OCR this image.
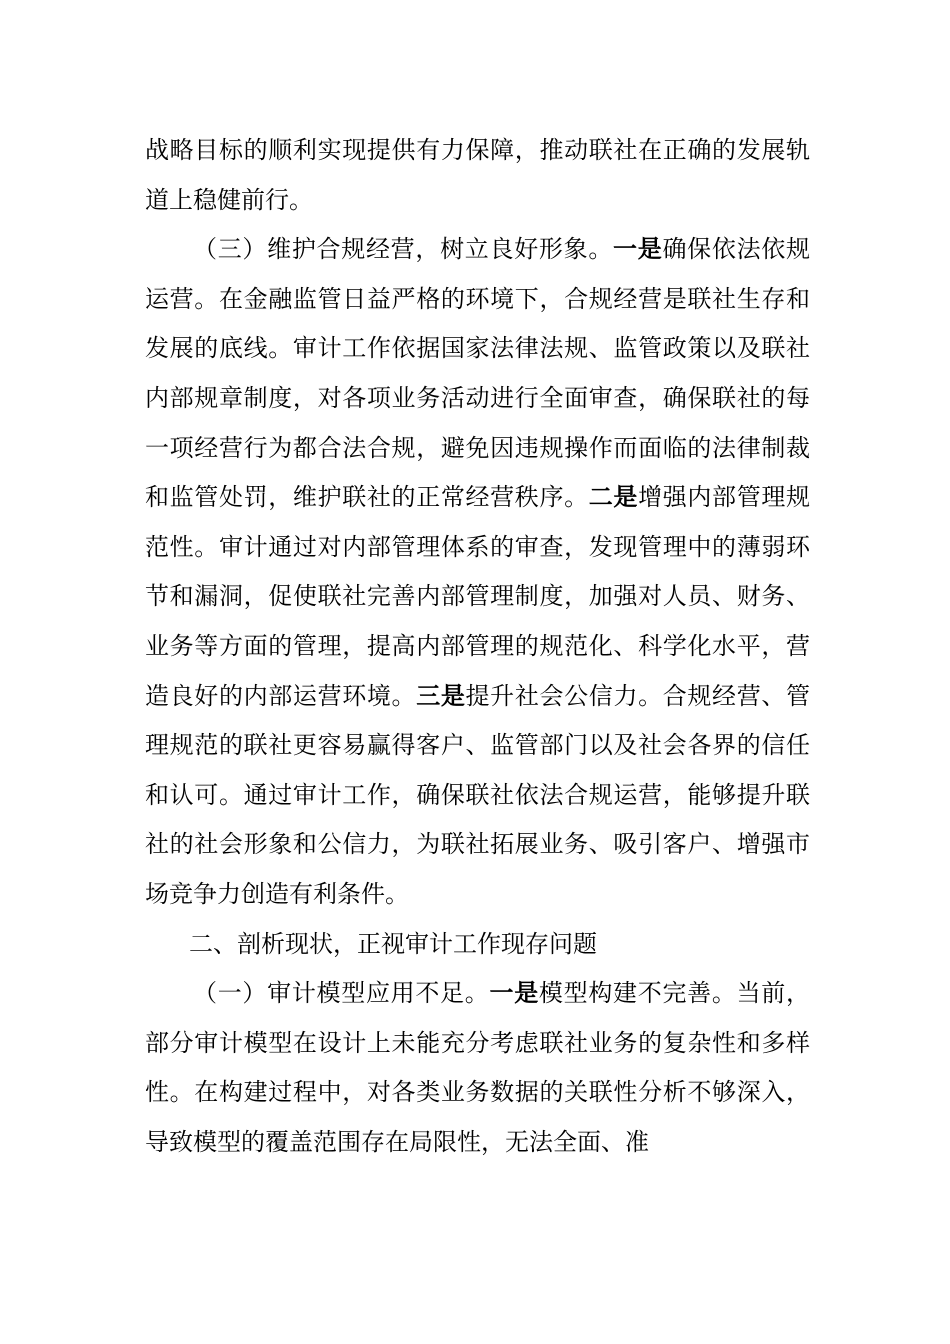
战略目标的顺利实现提供有力保障，推动联社在正确的发展轨道上稳健前行。

（三）维护合规经营，树立良好形象。一是确保依法依规运营。在金融监管日益严格的环境下，合规经营是联社生存和发展的底线。审计工作依据国家法律法规、监管政策以及联社内部规章制度，对各项业务活动进行全面审查，确保联社的每一项经营行为都合法合规，避免因违规操作而面临的法律制裁和监管处罚，维护联社的正常经营秩序。二是增强内部管理规范性。审计通过对内部管理体系的审查，发现管理中的薄弱环节和漏洞，促使联社完善内部管理制度，加强对人员、财务、业务等方面的管理，提高内部管理的规范化、科学化水平，营造良好的内部运营环境。三是提升社会公信力。合规经营、管理规范的联社更容易赢得客户、监管部门以及社会各界的信任和认可。通过审计工作，确保联社依法合规运营，能够提升联社的社会形象和公信力，为联社拓展业务、吸引客户、增强市场竞争力创造有利条件。

二、剖析现状，正视审计工作现存问题

（一）审计模型应用不足。一是模型构建不完善。当前，部分审计模型在设计上未能充分考虑联社业务的复杂性和多样性。在构建过程中，对各类业务数据的关联性分析不够深入，导致模型的覆盖范围存在局限性，无法全面、准
